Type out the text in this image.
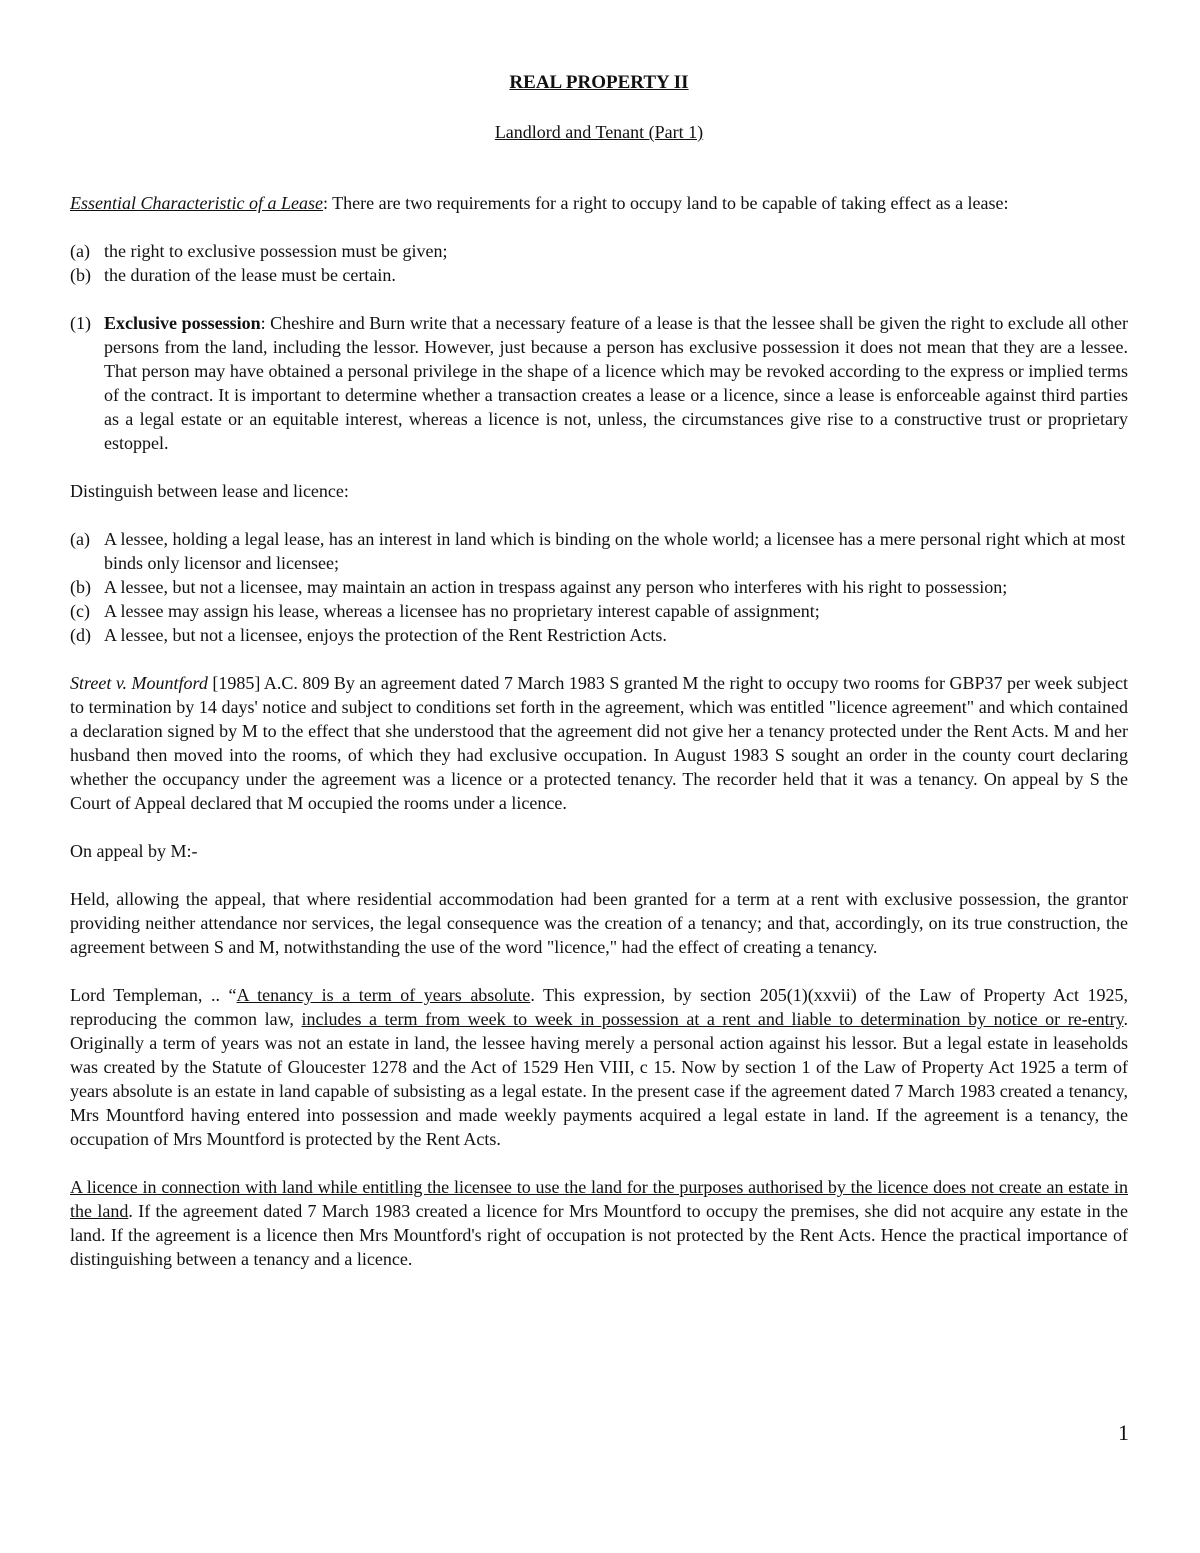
REAL PROPERTY II
Landlord and Tenant (Part 1)

Essential Characteristic of a Lease: There are two requirements for a right to occupy land to be capable of taking effect as a lease:

(a) the right to exclusive possession must be given;
(b) the duration of the lease must be certain.
(1) Exclusive possession: Cheshire and Burn write that a necessary feature of a lease is that the lessee shall be given the right to exclude all other persons from the land, including the lessor. However, just because a person has exclusive possession it does not mean that they are a lessee. That person may have obtained a personal privilege in the shape of a licence which may be revoked according to the express or implied terms of the contract. It is important to determine whether a transaction creates a lease or a licence, since a lease is enforceable against third parties as a legal estate or an equitable interest, whereas a licence is not, unless, the circumstances give rise to a constructive trust or proprietary estoppel.

Distinguish between lease and licence:

(a) A lessee, holding a legal lease, has an interest in land which is binding on the whole world; a licensee has a mere personal right which at most binds only licensor and licensee;
(b) A lessee, but not a licensee, may maintain an action in trespass against any person who interferes with his right to possession;
(c) A lessee may assign his lease, whereas a licensee has no proprietary interest capable of assignment;
(d) A lessee, but not a licensee, enjoys the protection of the Rent Restriction Acts.

Street v. Mountford [1985] A.C. 809 By an agreement dated 7 March 1983 S granted M the right to occupy two rooms for GBP37 per week subject to termination by 14 days' notice and subject to conditions set forth in the agreement, which was entitled "licence agreement" and which contained a declaration signed by M to the effect that she understood that the agreement did not give her a tenancy protected under the Rent Acts. M and her husband then moved into the rooms, of which they had exclusive occupation. In August 1983 S sought an order in the county court declaring whether the occupancy under the agreement was a licence or a protected tenancy. The recorder held that it was a tenancy. On appeal by S the Court of Appeal declared that M occupied the rooms under a licence.

On appeal by M:-

Held, allowing the appeal, that where residential accommodation had been granted for a term at a rent with exclusive possession, the grantor providing neither attendance nor services, the legal consequence was the creation of a tenancy; and that, accordingly, on its true construction, the agreement between S and M, notwithstanding the use of the word "licence," had the effect of creating a tenancy.

Lord Templeman, .. “A tenancy is a term of years absolute. This expression, by section 205(1)(xxvii) of the Law of Property Act 1925, reproducing the common law, includes a term from week to week in possession at a rent and liable to determination by notice or re-entry. Originally a term of years was not an estate in land, the lessee having merely a personal action against his lessor. But a legal estate in leaseholds was created by the Statute of Gloucester 1278 and the Act of 1529 Hen VIII, c 15. Now by section 1 of the Law of Property Act 1925 a term of years absolute is an estate in land capable of subsisting as a legal estate. In the present case if the agreement dated 7 March 1983 created a tenancy, Mrs Mountford having entered into possession and made weekly payments acquired a legal estate in land. If the agreement is a tenancy, the occupation of Mrs Mountford is protected by the Rent Acts.

A licence in connection with land while entitling the licensee to use the land for the purposes authorised by the licence does not create an estate in the land. If the agreement dated 7 March 1983 created a licence for Mrs Mountford to occupy the premises, she did not acquire any estate in the land. If the agreement is a licence then Mrs Mountford's right of occupation is not protected by the Rent Acts. Hence the practical importance of distinguishing between a tenancy and a licence.

1
